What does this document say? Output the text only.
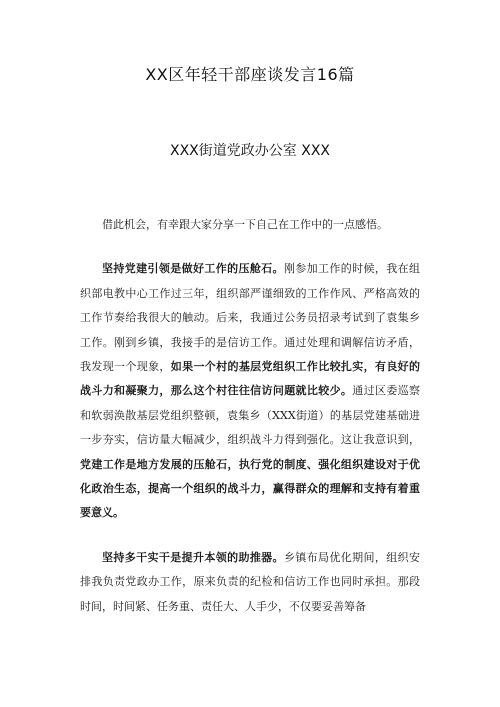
XX区年轻干部座谈发言16篇
XXX街道党政办公室 XXX

借此机会，有幸跟大家分享一下自己在工作中的一点感悟。

坚持党建引领是做好工作的压舱石。刚参加工作的时候，我在组织部电教中心工作过三年，组织部严谨细致的工作作风、严格高效的工作节奏给我很大的触动。后来，我通过公务员招录考试到了袁集乡工作。刚到乡镇，我接手的是信访工作。通过处理和调解信访矛盾，我发现一个现象，如果一个村的基层党组织工作比较扎实，有良好的战斗力和凝聚力，那么这个村往往信访问题就比较少。通过区委巡察和软弱涣散基层党组织整顿，袁集乡（XXX街道）的基层党建基础进一步夯实，信访量大幅减少，组织战斗力得到强化。这让我意识到，党建工作是地方发展的压舱石，执行党的制度、强化组织建设对于优化政治生态，提高一个组织的战斗力，赢得群众的理解和支持有着重要意义。

坚持多干实干是提升本领的助推器。乡镇布局优化期间，组织安排我负责党政办工作，原来负责的纪检和信访工作也同时承担。那段时间，时间紧、任务重、责任大、人手少，不仅要妥善筹备
